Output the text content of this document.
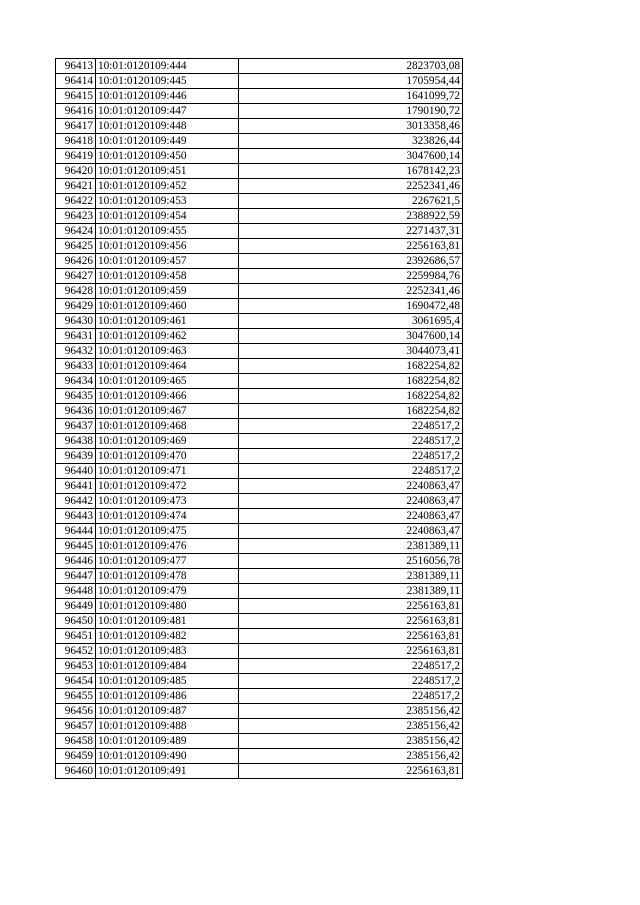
96413	10:01:0120109:444	2823703,08
96414	10:01:0120109:445	1705954,44
96415	10:01:0120109:446	1641099,72
96416	10:01:0120109:447	1790190,72
96417	10:01:0120109:448	3013358,46
96418	10:01:0120109:449	323826,44
96419	10:01:0120109:450	3047600,14
96420	10:01:0120109:451	1678142,23
96421	10:01:0120109:452	2252341,46
96422	10:01:0120109:453	2267621,5
96423	10:01:0120109:454	2388922,59
96424	10:01:0120109:455	2271437,31
96425	10:01:0120109:456	2256163,81
96426	10:01:0120109:457	2392686,57
96427	10:01:0120109:458	2259984,76
96428	10:01:0120109:459	2252341,46
96429	10:01:0120109:460	1690472,48
96430	10:01:0120109:461	3061695,4
96431	10:01:0120109:462	3047600,14
96432	10:01:0120109:463	3044073,41
96433	10:01:0120109:464	1682254,82
96434	10:01:0120109:465	1682254,82
96435	10:01:0120109:466	1682254,82
96436	10:01:0120109:467	1682254,82
96437	10:01:0120109:468	2248517,2
96438	10:01:0120109:469	2248517,2
96439	10:01:0120109:470	2248517,2
96440	10:01:0120109:471	2248517,2
96441	10:01:0120109:472	2240863,47
96442	10:01:0120109:473	2240863,47
96443	10:01:0120109:474	2240863,47
96444	10:01:0120109:475	2240863,47
96445	10:01:0120109:476	2381389,11
96446	10:01:0120109:477	2516056,78
96447	10:01:0120109:478	2381389,11
96448	10:01:0120109:479	2381389,11
96449	10:01:0120109:480	2256163,81
96450	10:01:0120109:481	2256163,81
96451	10:01:0120109:482	2256163,81
96452	10:01:0120109:483	2256163,81
96453	10:01:0120109:484	2248517,2
96454	10:01:0120109:485	2248517,2
96455	10:01:0120109:486	2248517,2
96456	10:01:0120109:487	2385156,42
96457	10:01:0120109:488	2385156,42
96458	10:01:0120109:489	2385156,42
96459	10:01:0120109:490	2385156,42
96460	10:01:0120109:491	2256163,81
